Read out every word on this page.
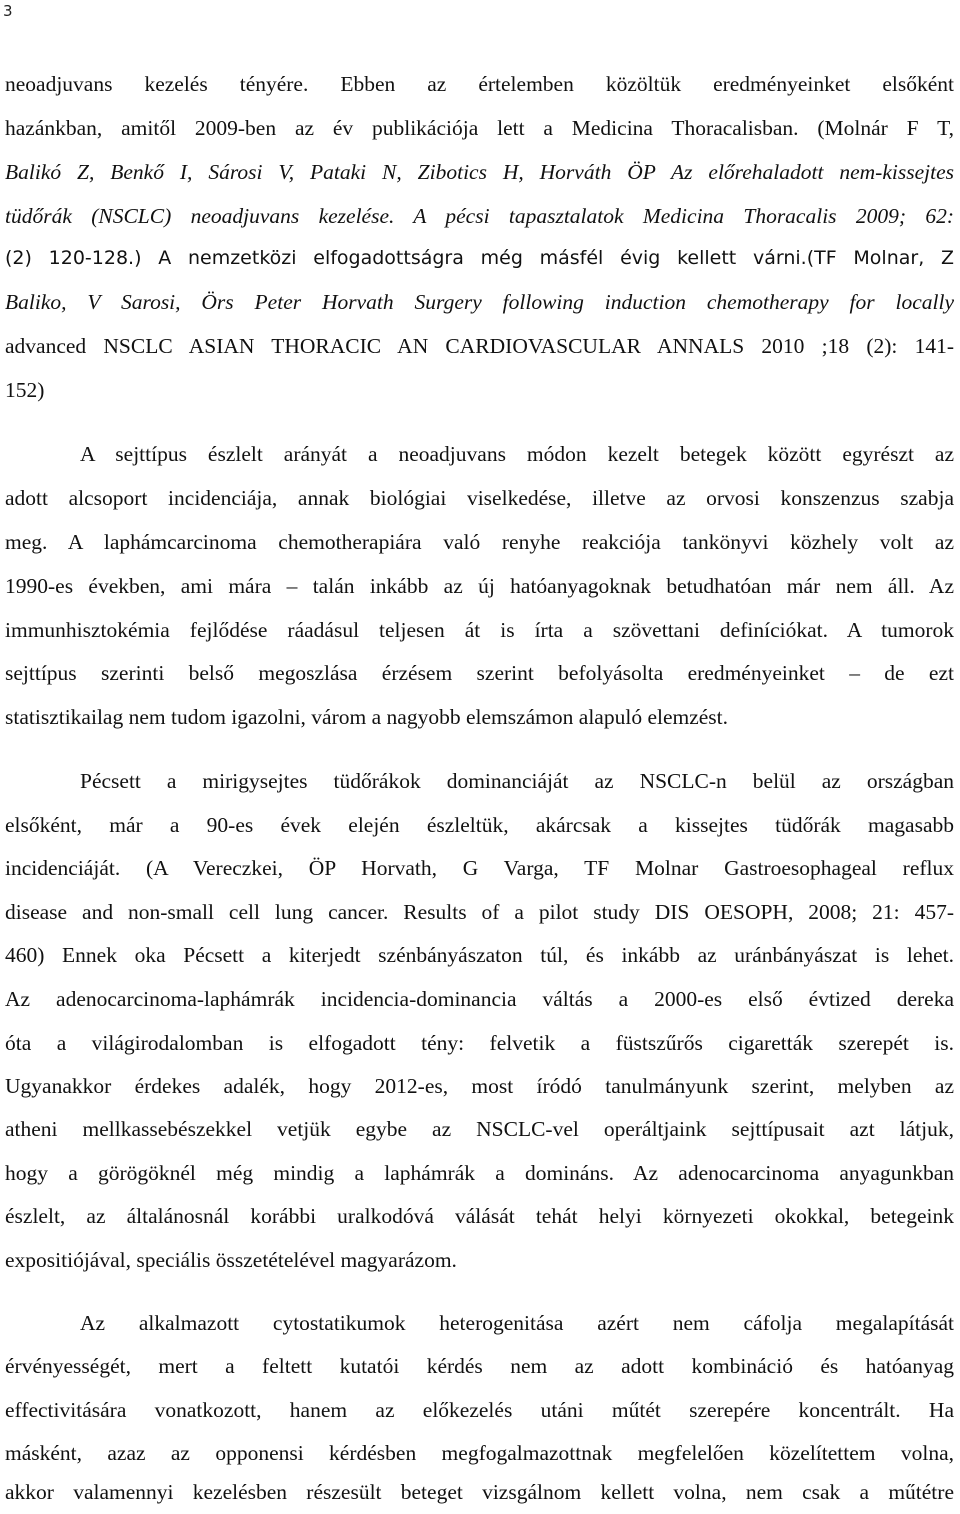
3
neoadjuvans kezelés tényére. Ebben az értelemben közöltük eredményeinket elsőként
hazánkban, amitől 2009-ben az év publikációja lett a Medicina Thoracalisban. (Molnár F T,
Balikó Z, Benkő I, Sárosi V, Pataki N, Zibotics H, Horváth ÖP Az előrehaladott nem-kissejtes
tüdőrák (NSCLC) neoadjuvans kezelése. A pécsi tapasztalatok Medicina Thoracalis 2009; 62:
(2) 120-128.) A nemzetközi elfogadottságra még másfél évig kellett várni.(TF Molnar, Z
Baliko, V Sarosi, Örs Peter Horvath Surgery following induction chemotherapy for locally
advanced NSCLC ASIAN THORACIC AN CARDIOVASCULAR ANNALS 2010 ;18 (2): 141-
152)
A sejttípus észlelt arányát a neoadjuvans módon kezelt betegek között egyrészt az
adott alcsoport incidenciája, annak biológiai viselkedése, illetve az orvosi konszenzus szabja
meg. A laphámcarcinoma chemotherapiára való renyhe reakciója tankönyvi közhely volt az
1990-es években, ami mára – talán inkább az új hatóanyagoknak betudhatóan már nem áll. Az
immunhisztokémia fejlődése ráadásul teljesen át is írta a szövettani definíciókat. A tumorok
sejttípus szerinti belső megoszlása érzésem szerint befolyásolta eredményeinket – de ezt
statisztikailag nem tudom igazolni, várom a nagyobb elemszámon alapuló elemzést.
Pécsett a mirigysejtes tüdőrákok dominanciáját az NSCLC-n belül az országban
elsőként, már a 90-es évek elején észleltük, akárcsak a kissejtes tüdőrák magasabb
incidenciáját. (A Vereczkei, ÖP Horvath, G Varga, TF Molnar Gastroesophageal reflux
disease and non-small cell lung cancer. Results of a pilot study DIS OESOPH, 2008; 21: 457-
460) Ennek oka Pécsett a kiterjedt szénbányászaton túl, és inkább az uránbányászat is lehet.
Az adenocarcinoma-laphámrák incidencia-dominancia váltás a 2000-es első évtized dereka
óta a világirodalomban is elfogadott tény: felvetik a füstszűrős cigaretták szerepét is.
Ugyanakkor érdekes adalék, hogy 2012-es, most íródó tanulmányunk szerint, melyben az
atheni mellkassebészekkel vetjük egybe az NSCLC-vel operáltjaink sejttípusait azt látjuk,
hogy a görögöknél még mindig a laphámrák a domináns. Az adenocarcinoma anyagunkban
észlelt, az általánosnál korábbi uralkodóvá válását tehát helyi környezeti okokkal, betegeink
expositiójával, speciális összetételével magyarázom.
Az alkalmazott cytostatikumok heterogenitása azért nem cáfolja megalapítását
érvényességét, mert a feltett kutatói kérdés nem az adott kombináció és hatóanyag
effectivitására vonatkozott, hanem az előkezelés utáni műtét szerepére koncentrált. Ha
másként, azaz az opponensi kérdésben megfogalmazottnak megfelelően közelítettem volna,
akkor valamennyi kezelésben részesült beteget vizsgálnom kellett volna, nem csak a műtétre
